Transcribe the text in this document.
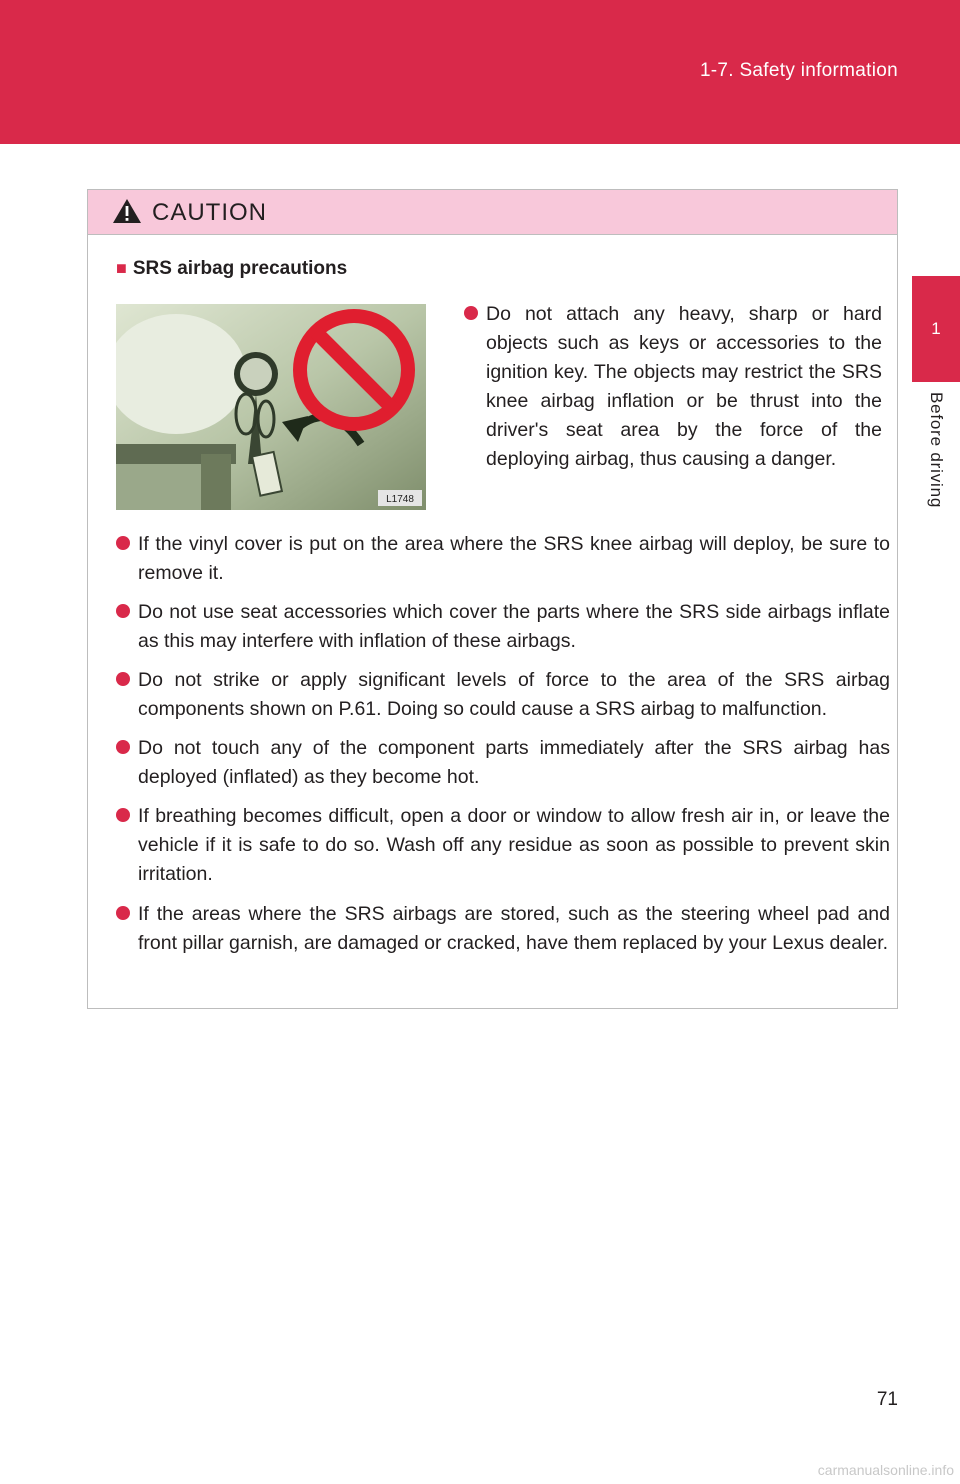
1-7. Safety information
1
Before driving
CAUTION
■ SRS airbag precautions
L1748
Do not attach any heavy, sharp or hard objects such as keys or accessories to the ignition key. The objects may restrict the SRS knee airbag inflation or be thrust into the driver's seat area by the force of the deploying airbag, thus causing a danger.
If the vinyl cover is put on the area where the SRS knee airbag will deploy, be sure to remove it.
Do not use seat accessories which cover the parts where the SRS side airbags inflate as this may interfere with inflation of these airbags.
Do not strike or apply significant levels of force to the area of the SRS airbag components shown on P.61. Doing so could cause a SRS airbag to malfunction.
Do not touch any of the component parts immediately after the SRS airbag has deployed (inflated) as they become hot.
If breathing becomes difficult, open a door or window to allow fresh air in, or leave the vehicle if it is safe to do so. Wash off any residue as soon as possible to prevent skin irritation.
If the areas where the SRS airbags are stored, such as the steering wheel pad and front pillar garnish, are damaged or cracked, have them replaced by your Lexus dealer.
71
carmanualsonline.info
